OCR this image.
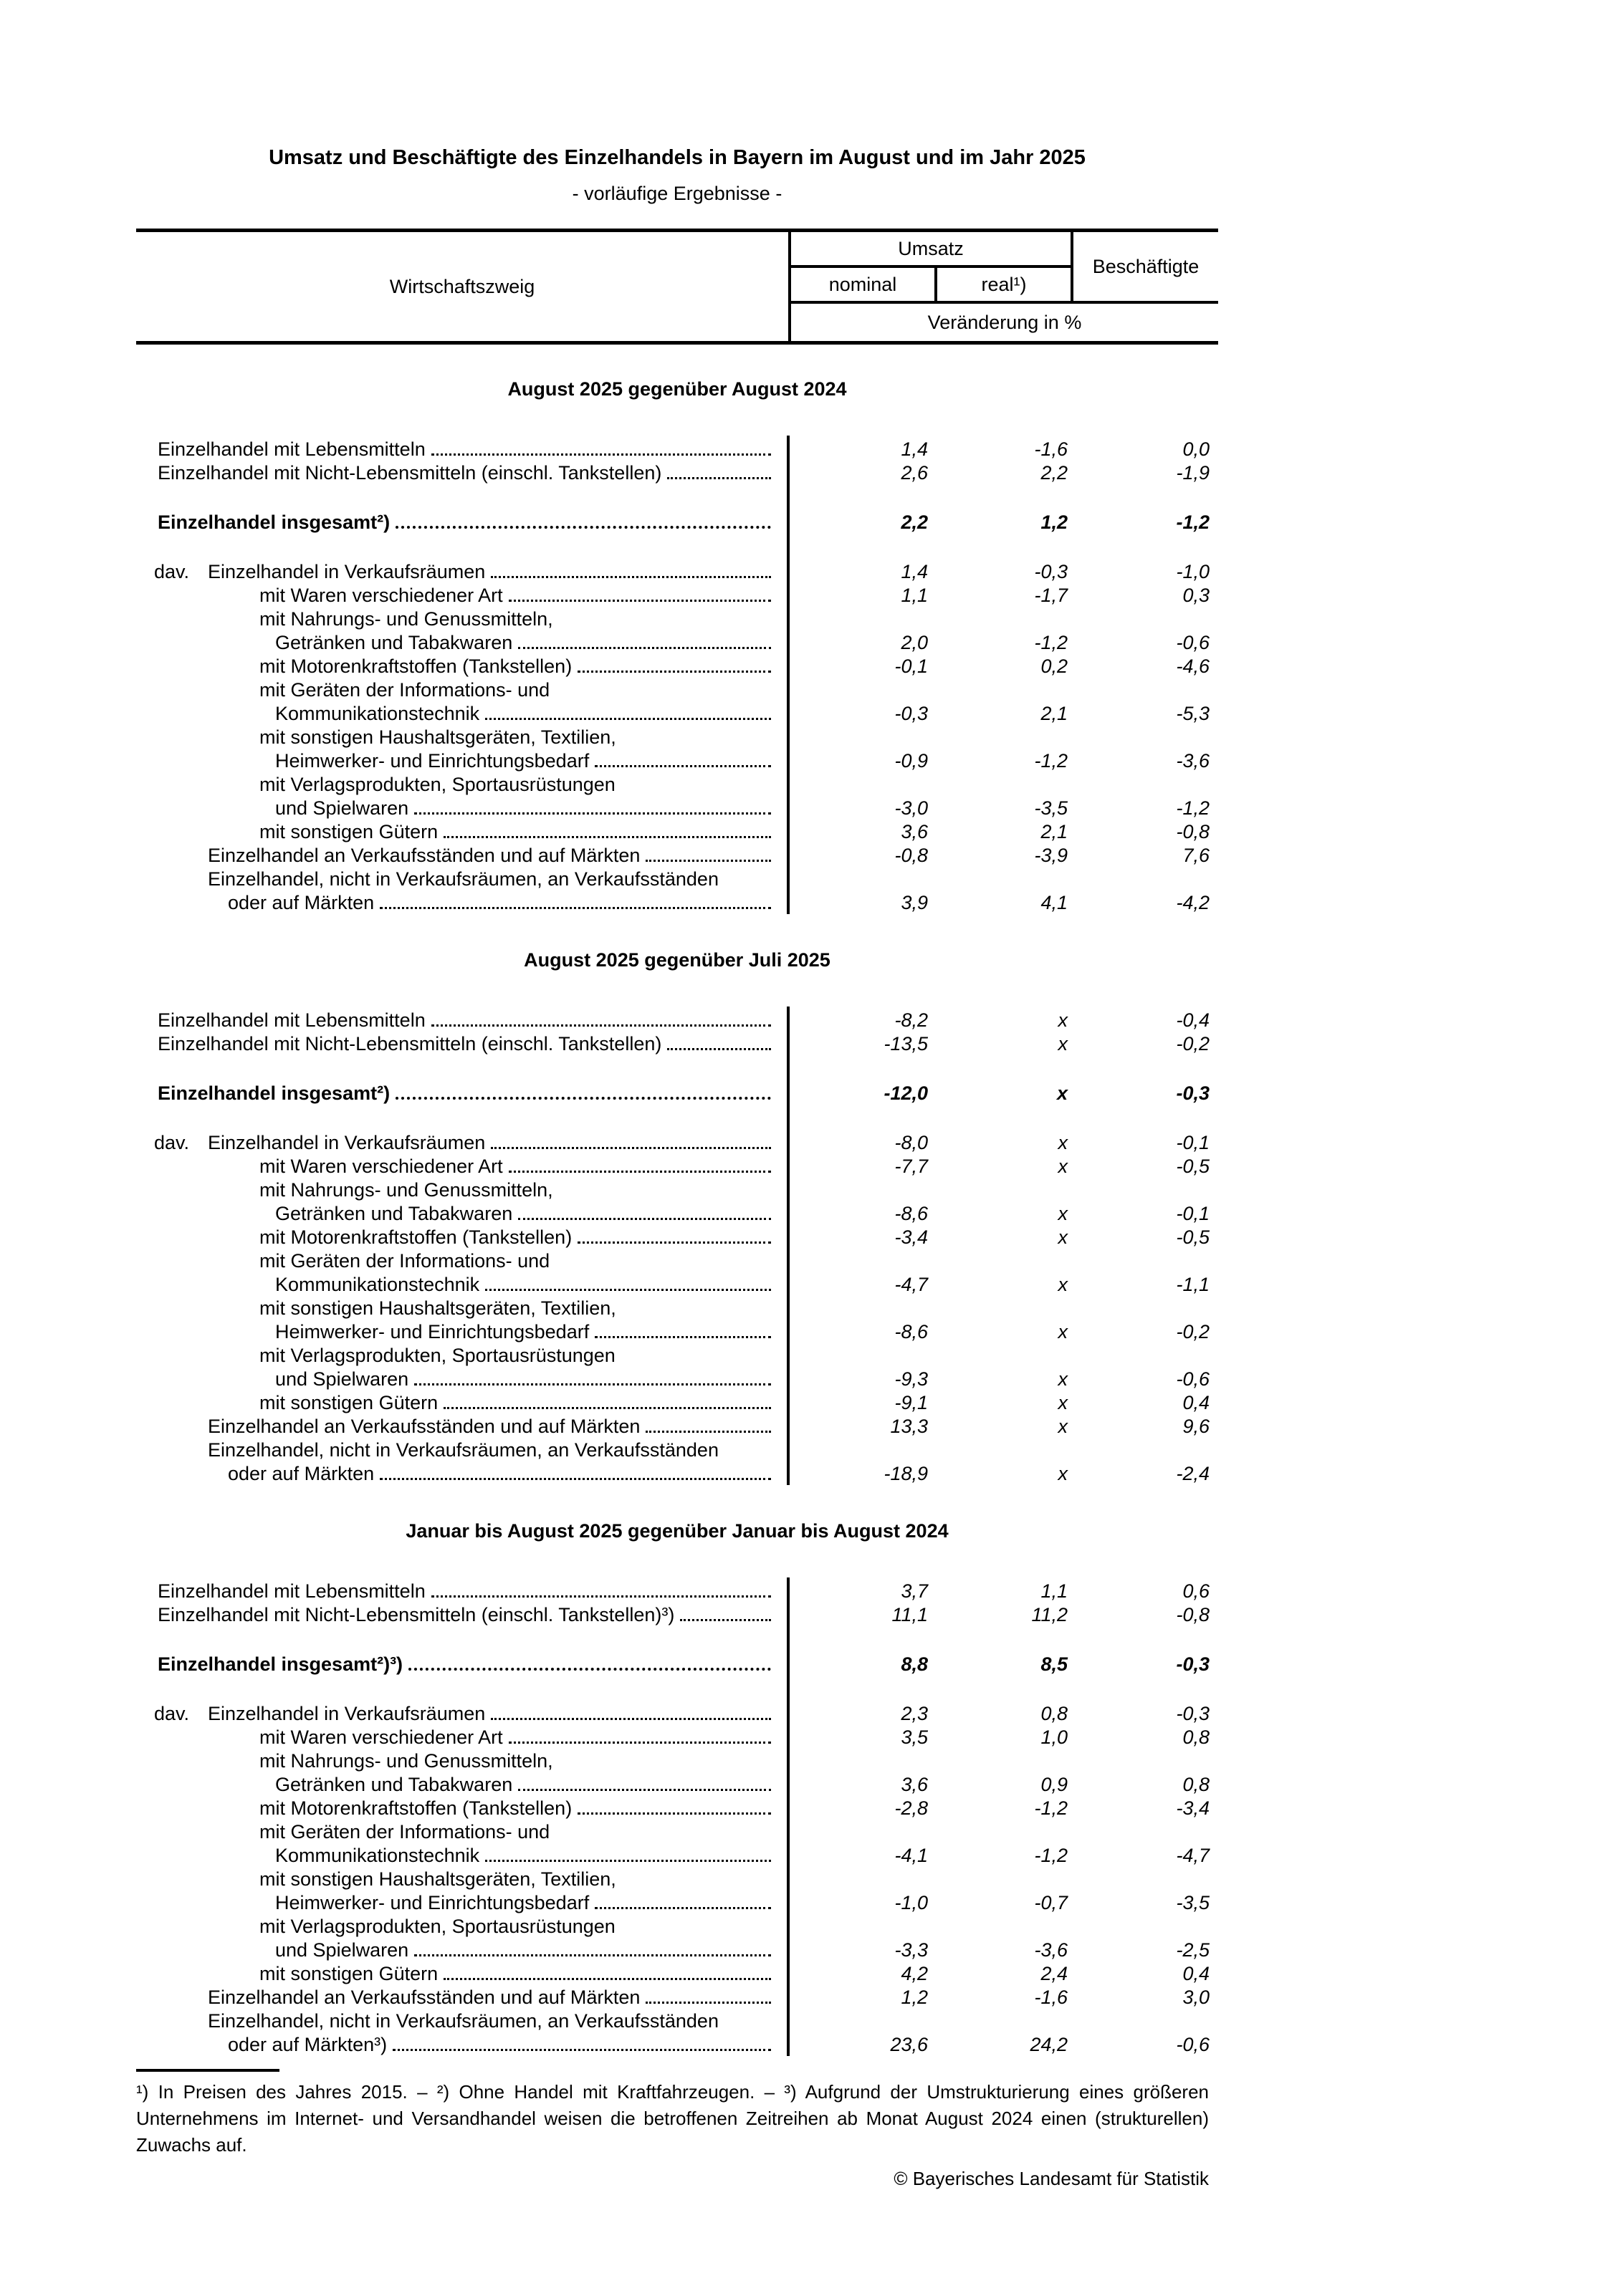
Umsatz und Beschäftigte des Einzelhandels in Bayern im August und im Jahr 2025
- vorläufige Ergebnisse -
Wirtschaftszweig
Umsatz
Beschäftigte
nominal	real¹)
Veränderung in %
August 2025 gegenüber August 2024
Einzelhandel mit Lebensmitteln	1,4	-1,6	0,0
Einzelhandel mit Nicht-Lebensmitteln (einschl. Tankstellen)	2,6	2,2	-1,9
Einzelhandel insgesamt²)	2,2	1,2	-1,2
dav. Einzelhandel in Verkaufsräumen	1,4	-0,3	-1,0
mit Waren verschiedener Art	1,1	-1,7	0,3
mit Nahrungs- und Genussmitteln,
Getränken und Tabakwaren	2,0	-1,2	-0,6
mit Motorenkraftstoffen (Tankstellen)	-0,1	0,2	-4,6
mit Geräten der Informations- und
Kommunikationstechnik	-0,3	2,1	-5,3
mit sonstigen Haushaltsgeräten, Textilien,
Heimwerker- und Einrichtungsbedarf	-0,9	-1,2	-3,6
mit Verlagsprodukten, Sportausrüstungen
und Spielwaren	-3,0	-3,5	-1,2
mit sonstigen Gütern	3,6	2,1	-0,8
Einzelhandel an Verkaufsständen und auf Märkten	-0,8	-3,9	7,6
Einzelhandel, nicht in Verkaufsräumen, an Verkaufsständen
oder auf Märkten	3,9	4,1	-4,2
August 2025 gegenüber Juli 2025
Einzelhandel mit Lebensmitteln	-8,2	x	-0,4
Einzelhandel mit Nicht-Lebensmitteln (einschl. Tankstellen)	-13,5	x	-0,2
Einzelhandel insgesamt²)	-12,0	x	-0,3
dav. Einzelhandel in Verkaufsräumen	-8,0	x	-0,1
mit Waren verschiedener Art	-7,7	x	-0,5
mit Nahrungs- und Genussmitteln,
Getränken und Tabakwaren	-8,6	x	-0,1
mit Motorenkraftstoffen (Tankstellen)	-3,4	x	-0,5
mit Geräten der Informations- und
Kommunikationstechnik	-4,7	x	-1,1
mit sonstigen Haushaltsgeräten, Textilien,
Heimwerker- und Einrichtungsbedarf	-8,6	x	-0,2
mit Verlagsprodukten, Sportausrüstungen
und Spielwaren	-9,3	x	-0,6
mit sonstigen Gütern	-9,1	x	0,4
Einzelhandel an Verkaufsständen und auf Märkten	13,3	x	9,6
Einzelhandel, nicht in Verkaufsräumen, an Verkaufsständen
oder auf Märkten	-18,9	x	-2,4
Januar bis August 2025 gegenüber Januar bis August 2024
Einzelhandel mit Lebensmitteln	3,7	1,1	0,6
Einzelhandel mit Nicht-Lebensmitteln (einschl. Tankstellen)³)	11,1	11,2	-0,8
Einzelhandel insgesamt²)³)	8,8	8,5	-0,3
dav. Einzelhandel in Verkaufsräumen	2,3	0,8	-0,3
mit Waren verschiedener Art	3,5	1,0	0,8
mit Nahrungs- und Genussmitteln,
Getränken und Tabakwaren	3,6	0,9	0,8
mit Motorenkraftstoffen (Tankstellen)	-2,8	-1,2	-3,4
mit Geräten der Informations- und
Kommunikationstechnik	-4,1	-1,2	-4,7
mit sonstigen Haushaltsgeräten, Textilien,
Heimwerker- und Einrichtungsbedarf	-1,0	-0,7	-3,5
mit Verlagsprodukten, Sportausrüstungen
und Spielwaren	-3,3	-3,6	-2,5
mit sonstigen Gütern	4,2	2,4	0,4
Einzelhandel an Verkaufsständen und auf Märkten	1,2	-1,6	3,0
Einzelhandel, nicht in Verkaufsräumen, an Verkaufsständen
oder auf Märkten³)	23,6	24,2	-0,6
¹) In Preisen des Jahres 2015. – ²) Ohne Handel mit Kraftfahrzeugen. – ³) Aufgrund der Umstrukturierung eines größeren Unternehmens im Internet- und Versandhandel weisen die betroffenen Zeitreihen ab Monat August 2024 einen (strukturellen) Zuwachs auf.
© Bayerisches Landesamt für Statistik
